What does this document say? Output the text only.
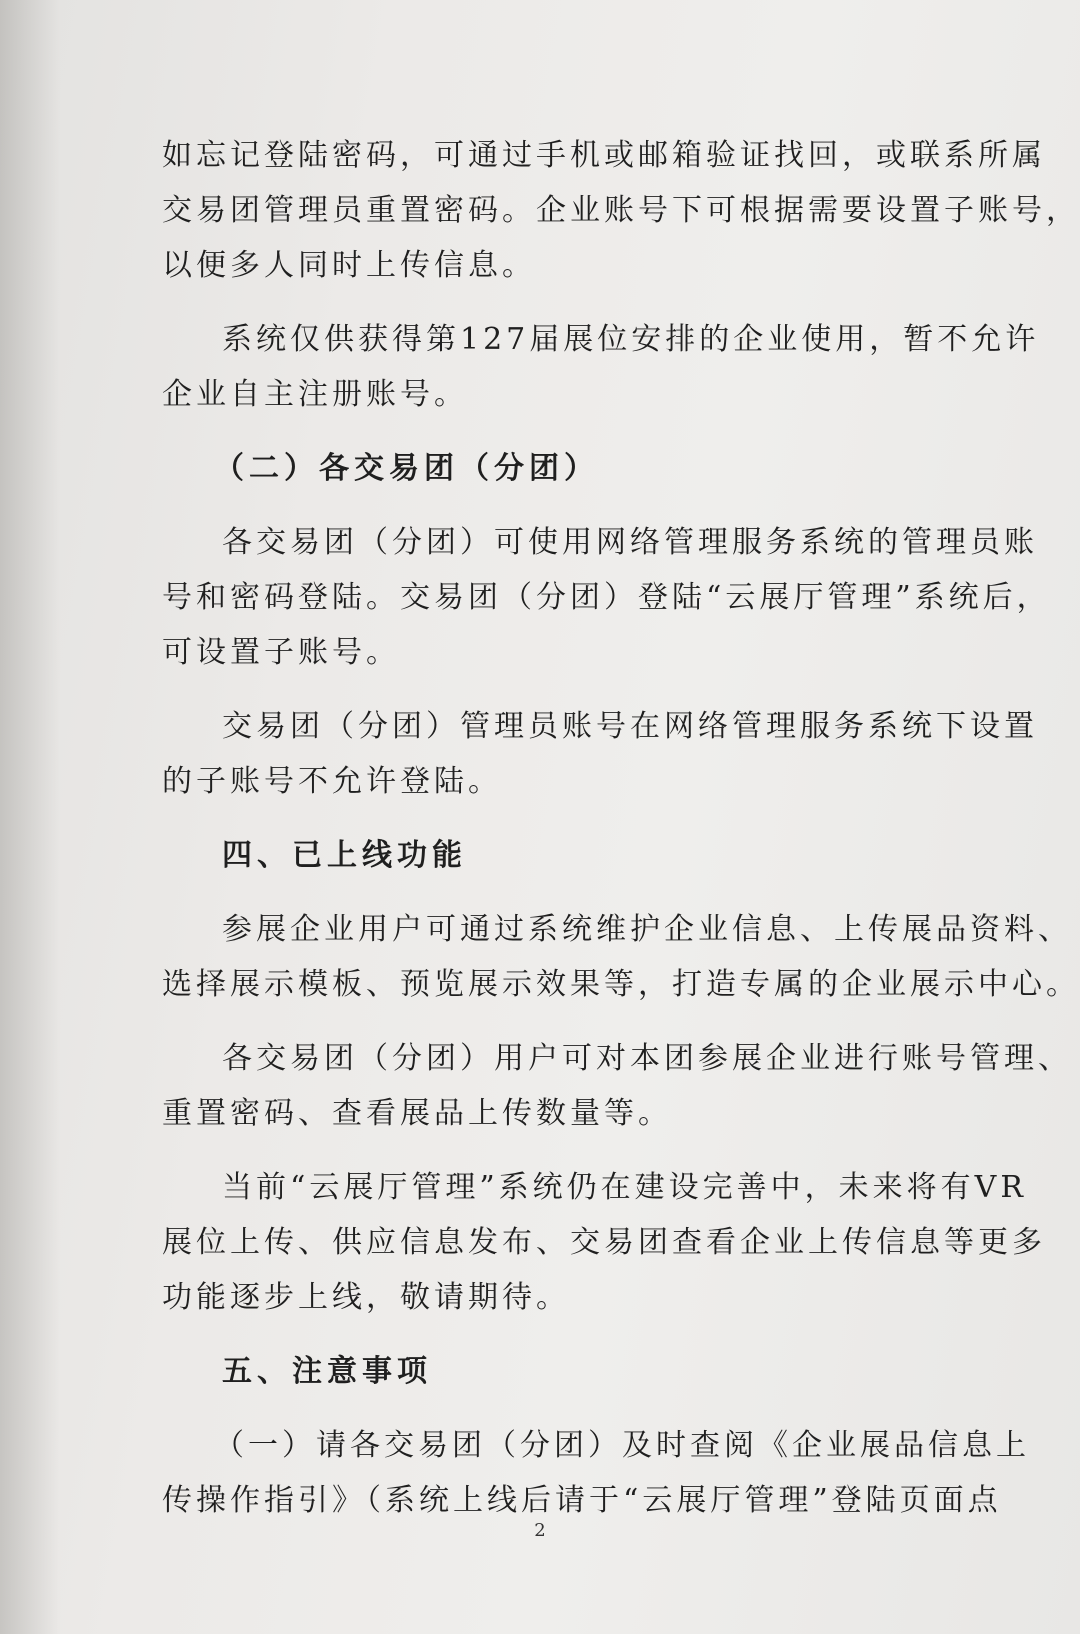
如忘记登陆密码，可通过手机或邮箱验证找回，或联系所属
交易团管理员重置密码。企业账号下可根据需要设置子账号，
以便多人同时上传信息。
系统仅供获得第127届展位安排的企业使用，暂不允许
企业自主注册账号。
（二）各交易团（分团）
各交易团（分团）可使用网络管理服务系统的管理员账
号和密码登陆。交易团（分团）登陆“云展厅管理”系统后，
可设置子账号。
交易团（分团）管理员账号在网络管理服务系统下设置
的子账号不允许登陆。
四、已上线功能
参展企业用户可通过系统维护企业信息、上传展品资料、
选择展示模板、预览展示效果等，打造专属的企业展示中心。
各交易团（分团）用户可对本团参展企业进行账号管理、
重置密码、查看展品上传数量等。
当前“云展厅管理”系统仍在建设完善中，未来将有VR
展位上传、供应信息发布、交易团查看企业上传信息等更多
功能逐步上线，敬请期待。
五、注意事项
（一）请各交易团（分团）及时查阅《企业展品信息上
传操作指引》（系统上线后请于“云展厅管理”登陆页面点
2
